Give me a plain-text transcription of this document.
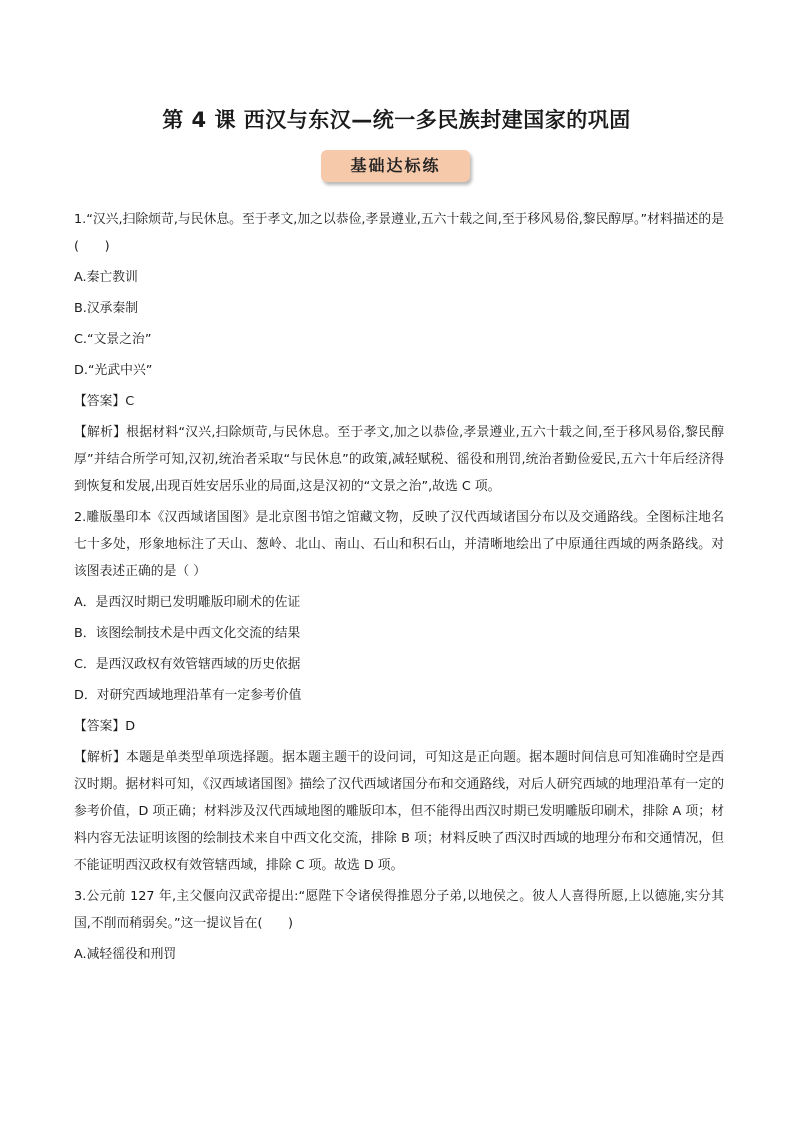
第 4 课 西汉与东汉—统一多民族封建国家的巩固
基础达标练

1.“汉兴,扫除烦苛,与民休息。至于孝文,加之以恭俭,孝景遵业,五六十载之间,至于移风易俗,黎民醇厚。”材料描述的是(　　)

A.秦亡教训

B.汉承秦制

C.“文景之治”

D.“光武中兴”

【答案】C

【解析】根据材料“汉兴,扫除烦苛,与民休息。至于孝文,加之以恭俭,孝景遵业,五六十载之间,至于移风易俗,黎民醇厚”并结合所学可知,汉初,统治者采取“与民休息”的政策,减轻赋税、徭役和刑罚,统治者勤俭爱民,五六十年后经济得到恢复和发展,出现百姓安居乐业的局面,这是汉初的“文景之治”,故选 C 项。

2.雕版墨印本《汉西域诸国图》是北京图书馆之馆藏文物，反映了汉代西域诸国分布以及交通路线。全图标注地名七十多处，形象地标注了天山、葱岭、北山、南山、石山和积石山，并清晰地绘出了中原通往西域的两条路线。对该图表述正确的是（ ）

A．是西汉时期已发明雕版印刷术的佐证

B．该图绘制技术是中西文化交流的结果

C．是西汉政权有效管辖西域的历史依据

D．对研究西域地理沿革有一定参考价值

【答案】D

【解析】本题是单类型单项选择题。据本题主题干的设问词，可知这是正向题。据本题时间信息可知准确时空是西汉时期。据材料可知，《汉西域诸国图》描绘了汉代西域诸国分布和交通路线，对后人研究西域的地理沿革有一定的参考价值，D 项正确；材料涉及汉代西域地图的雕版印本，但不能得出西汉时期已发明雕版印刷术，排除 A 项；材料内容无法证明该图的绘制技术来自中西文化交流，排除 B 项；材料反映了西汉时西域的地理分布和交通情况，但不能证明西汉政权有效管辖西域，排除 C 项。故选 D 项。

3.公元前 127 年,主父偃向汉武帝提出:“愿陛下令诸侯得推恩分子弟,以地侯之。彼人人喜得所愿,上以德施,实分其国,不削而稍弱矣。”这一提议旨在(　　)

A.减轻徭役和刑罚
